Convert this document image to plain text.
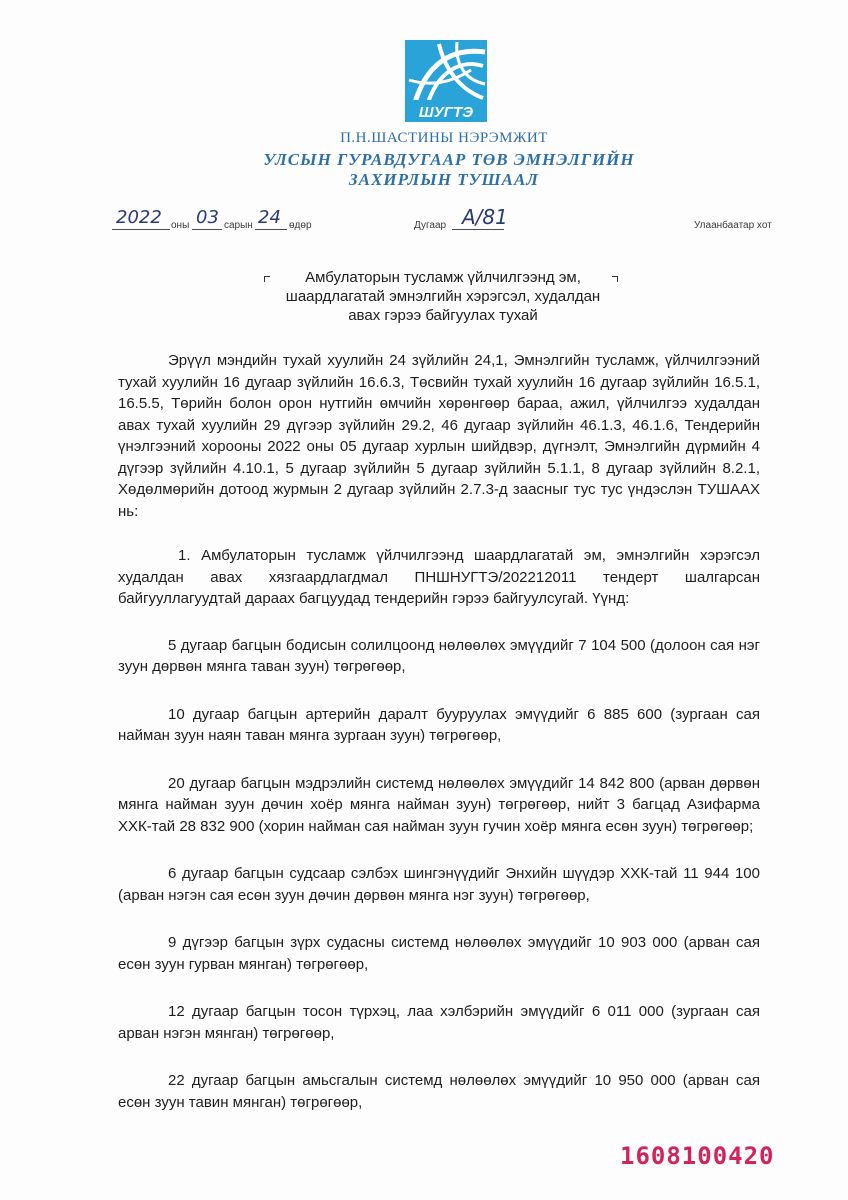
ШУГТЭ
П.Н.ШАСТИНЫ НЭРЭМЖИТ
УЛСЫН ГУРАВДУГААР ТӨВ ЭМНЭЛГИЙН
ЗАХИРЛЫН ТУШААЛ
2022 оны 03 сарын 24 өдөр	Дугаар А/81	Улаанбаатар хот
Амбулаторын тусламж үйлчилгээнд эм,
шаардлагатай эмнэлгийн хэрэгсэл, худалдан
авах гэрээ байгуулах тухай

Эрүүл мэндийн тухай хуулийн 24 зүйлийн 24,1, Эмнэлгийн тусламж, үйлчилгээний тухай хуулийн 16 дугаар зүйлийн 16.6.3, Төсвийн тухай хуулийн 16 дугаар зүйлийн 16.5.1, 16.5.5, Төрийн болон орон нутгийн өмчийн хөрөнгөөр бараа, ажил, үйлчилгээ худалдан авах тухай хуулийн 29 дүгээр зүйлийн 29.2, 46 дугаар зүйлийн 46.1.3, 46.1.6, Тендерийн үнэлгээний хорооны 2022 оны 05 дугаар хурлын шийдвэр, дүгнэлт, Эмнэлгийн дүрмийн 4 дүгээр зүйлийн 4.10.1, 5 дугаар зүйлийн 5 дугаар зүйлийн 5.1.1, 8 дугаар зүйлийн 8.2.1, Хөдөлмөрийн дотоод журмын 2 дугаар зүйлийн 2.7.3-д заасныг тус тус үндэслэн ТУШААХ нь:

1. Амбулаторын тусламж үйлчилгээнд шаардлагатай эм, эмнэлгийн хэрэгсэл худалдан авах хязгаардлагдмал ПНШНУГТЭ/202212011 тендерт шалгарсан байгууллагуудтай дараах багцуудад тендерийн гэрээ байгуулсугай. Үүнд:

5 дугаар багцын бодисын солилцоонд нөлөөлөх эмүүдийг 7 104 500 (долоон сая нэг зуун дөрвөн мянга таван зуун) төгрөгөөр,

10 дугаар багцын артерийн даралт бууруулах эмүүдийг 6 885 600 (зургаан сая найман зуун наян таван мянга зургаан зуун) төгрөгөөр,

20 дугаар багцын мэдрэлийн системд нөлөөлөх эмүүдийг 14 842 800 (арван дөрвөн мянга найман зуун дөчин хоёр мянга найман зуун) төгрөгөөр, нийт 3 багцад Азифарма ХХК-тай 28 832 900 (хорин найман сая найман зуун гучин хоёр мянга есөн зуун) төгрөгөөр;

6 дугаар багцын судсаар сэлбэх шингэнүүдийг Энхийн шүүдэр ХХК-тай 11 944 100 (арван нэгэн сая есөн зуун дөчин дөрвөн мянга нэг зуун) төгрөгөөр,

9 дүгээр багцын зүрх судасны системд нөлөөлөх эмүүдийг 10 903 000 (арван сая есөн зуун гурван мянган) төгрөгөөр,

12 дугаар багцын тосон түрхэц, лаа хэлбэрийн эмүүдийг 6 011 000 (зургаан сая арван нэгэн мянган) төгрөгөөр,

22 дугаар багцын амьсгалын системд нөлөөлөх эмүүдийг 10 950 000 (арван сая есөн зуун тавин мянган) төгрөгөөр,

1608100420
